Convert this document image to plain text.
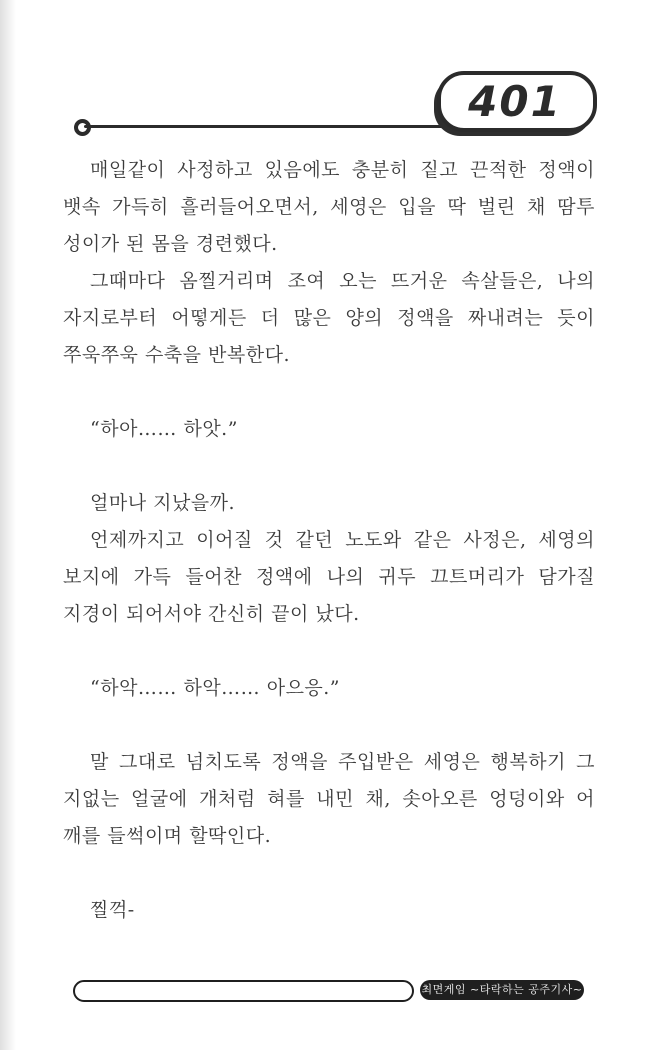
401
매일같이 사정하고 있음에도 충분히 짙고 끈적한 정액이
뱃속 가득히 흘러들어오면서, 세영은 입을 딱 벌린 채 땀투
성이가 된 몸을 경련했다.
그때마다 옴찔거리며 조여 오는 뜨거운 속살들은, 나의
자지로부터 어떻게든 더 많은 양의 정액을 짜내려는 듯이
쭈욱쭈욱 수축을 반복한다.
“하아…… 하앗.”
얼마나 지났을까.
언제까지고 이어질 것 같던 노도와 같은 사정은, 세영의
보지에 가득 들어찬 정액에 나의 귀두 끄트머리가 담가질
지경이 되어서야 간신히 끝이 났다.
“하악…… 하악…… 아으응.”
말 그대로 넘치도록 정액을 주입받은 세영은 행복하기 그
지없는 얼굴에 개처럼 혀를 내민 채, 솟아오른 엉덩이와 어
깨를 들썩이며 할딱인다.
찔꺽-
최면게임 ~타락하는 공주기사~
